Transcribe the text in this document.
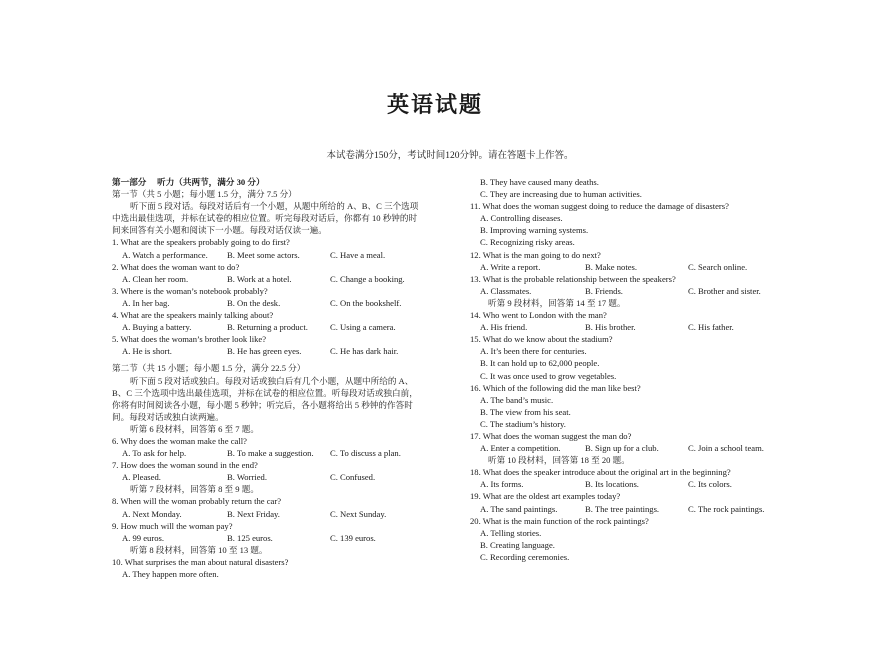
英语试题
本试卷满分150分，考试时间120分钟。请在答题卡上作答。
第一部分　 听力（共两节，满分 30 分）
第一节（共 5 小题；每小题 1.5 分，满分 7.5 分）
听下面 5 段对话。每段对话后有一个小题，从题中所给的 A、B、C 三个选项
中选出最佳选项，并标在试卷的相应位置。听完每段对话后，你都有 10 秒钟的时
间来回答有关小题和阅读下一小题。每段对话仅读一遍。
1. What are the speakers probably going to do first?
A. Watch a performance. B. Meet some actors.	C. Have a meal.
2. What does the woman want to do?
A. Clean her room.	B. Work at a hotel.	C. Change a booking.
3. Where is the woman’s notebook probably?
A. In her bag.	B. On the desk.	C. On the bookshelf.
4. What are the speakers mainly talking about?
A. Buying a battery.	B. Returning a product.	C. Using a camera.
5. What does the woman’s brother look like?
A. He is short.	B. He has green eyes.	C. He has dark hair.
第二节（共 15 小题；每小题 1.5 分，满分 22.5 分）
听下面 5 段对话或独白。每段对话或独白后有几个小题，从题中所给的 A、
B、C 三个选项中选出最佳选项，并标在试卷的相应位置。听每段对话或独白前，
你将有时间阅读各小题，每小题 5 秒钟；听完后，各小题将给出 5 秒钟的作答时
间。每段对话或独白读两遍。
听第 6 段材料，回答第 6 至 7 题。
6. Why does the woman make the call?
A. To ask for help.	B. To make a suggestion. C. To discuss a plan.
7. How does the woman sound in the end?
A. Pleased.	B. Worried.	C. Confused.
听第 7 段材料，回答第 8 至 9 题。
8. When will the woman probably return the car?
A. Next Monday.	B. Next Friday.	C. Next Sunday.
9. How much will the woman pay?
A. 99 euros.	B. 125 euros.	C. 139 euros.
听第 8 段材料，回答第 10 至 13 题。
10. What surprises the man about natural disasters?
A. They happen more often.
B. They have caused many deaths.
C. They are increasing due to human activities.
11. What does the woman suggest doing to reduce the damage of disasters?
A. Controlling diseases.
B. Improving warning systems.
C. Recognizing risky areas.
12. What is the man going to do next?
A. Write a report.	B. Make notes.	C. Search online.
13. What is the probable relationship between the speakers?
A. Classmates.	B. Friends.	C. Brother and sister.
听第 9 段材料，回答第 14 至 17 题。
14. Who went to London with the man?
A. His friend.	B. His brother.	C. His father.
15. What do we know about the stadium?
A. It’s been there for centuries.
B. It can hold up to 62,000 people.
C. It was once used to grow vegetables.
16. Which of the following did the man like best?
A. The band’s music.
B. The view from his seat.
C. The stadium’s history.
17. What does the woman suggest the man do?
A. Enter a competition.	B. Sign up for a club.	C. Join a school team.
听第 10 段材料，回答第 18 至 20 题。
18. What does the speaker introduce about the original art in the beginning?
A. Its forms.	B. Its locations.	C. Its colors.
19. What are the oldest art examples today?
A. The sand paintings.	B. The tree paintings.	C. The rock paintings.
20. What is the main function of the rock paintings?
A. Telling stories.
B. Creating language.
C. Recording ceremonies.
